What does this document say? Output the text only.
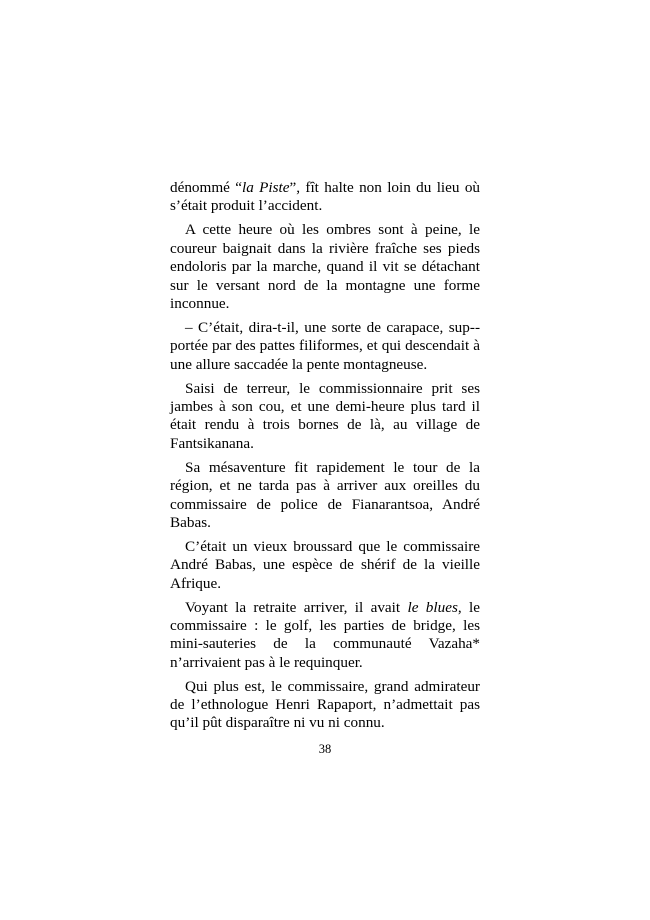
dénommé “la Piste”, fît halte non loin du lieu où s’était produit l’accident.

A cette heure où les ombres sont à peine, le coureur baignait dans la rivière fraîche ses pieds endoloris par la marche, quand il vit se détachant sur le versant nord de la montagne une forme inconnue.

– C’était, dira-t-il, une sorte de carapace, sup-portée par des pattes filiformes, et qui descendait à une allure saccadée la pente montagneuse.

Saisi de terreur, le commissionnaire prit ses jambes à son cou, et une demi-heure plus tard il était rendu à trois bornes de là, au village de Fantsikanana.

Sa mésaventure fit rapidement le tour de la région, et ne tarda pas à arriver aux oreilles du commissaire de police de Fianarantsoa, André Babas.

C’était un vieux broussard que le commissaire André Babas, une espèce de shérif de la vieille Afrique.

Voyant la retraite arriver, il avait le blues, le commissaire : le golf, les parties de bridge, les mini-sauteries de la communauté Vazaha* n’arrivaient pas à le requinquer.

Qui plus est, le commissaire, grand admirateur de l’ethnologue Henri Rapaport, n’admettait pas qu’il pût disparaître ni vu ni connu.

38
